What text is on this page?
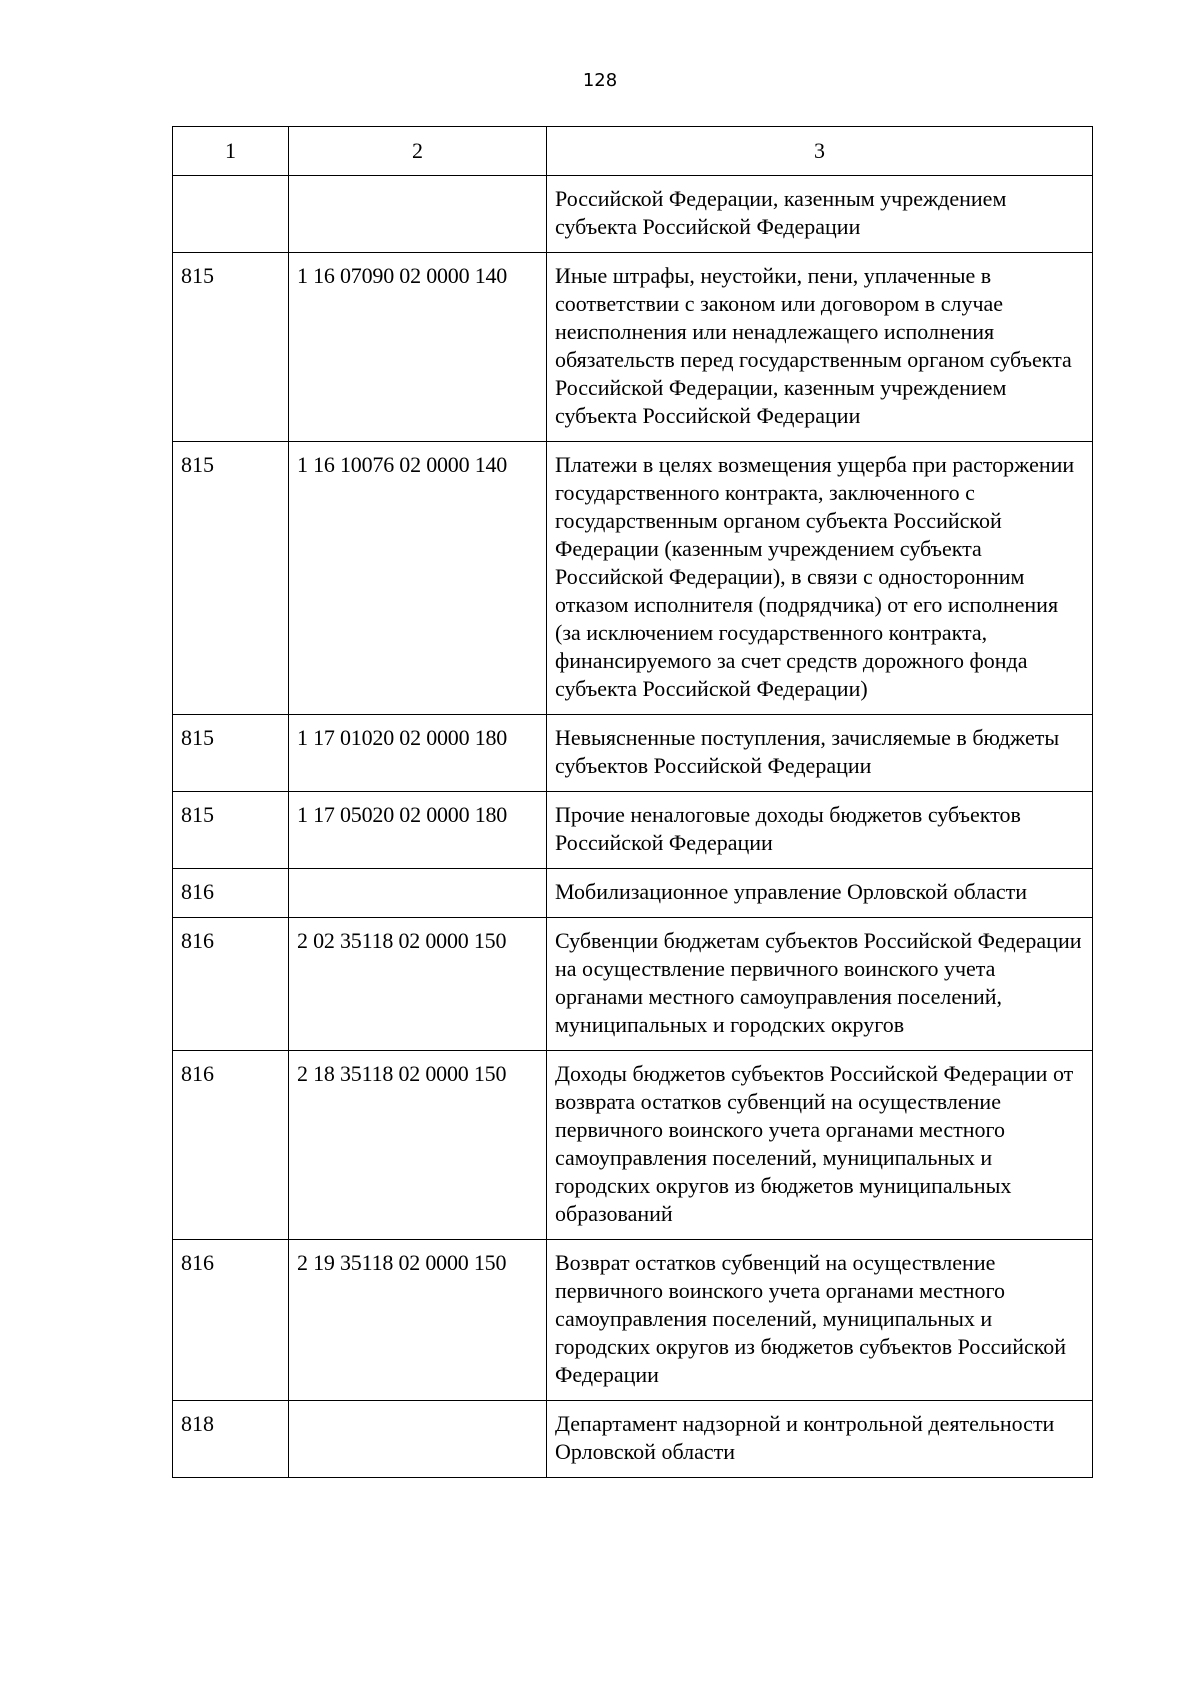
128
1	2	3
		Российской Федерации, казенным учреждением субъекта Российской Федерации
815	1 16 07090 02 0000 140	Иные штрафы, неустойки, пени, уплаченные в соответствии с законом или договором в случае неисполнения или ненадлежащего исполнения обязательств перед государственным органом субъекта Российской Федерации, казенным учреждением субъекта Российской Федерации
815	1 16 10076 02 0000 140	Платежи в целях возмещения ущерба при расторжении государственного контракта, заключенного с государственным органом субъекта Российской Федерации (казенным учреждением субъекта Российской Федерации), в связи с односторонним отказом исполнителя (подрядчика) от его исполнения (за исключением государственного контракта, финансируемого за счет средств дорожного фонда субъекта Российской Федерации)
815	1 17 01020 02 0000 180	Невыясненные поступления, зачисляемые в бюджеты субъектов Российской Федерации
815	1 17 05020 02 0000 180	Прочие неналоговые доходы бюджетов субъектов Российской Федерации
816		Мобилизационное управление Орловской области
816	2 02 35118 02 0000 150	Субвенции бюджетам субъектов Российской Федерации на осуществление первичного воинского учета органами местного самоуправления поселений, муниципальных и городских округов
816	2 18 35118 02 0000 150	Доходы бюджетов субъектов Российской Федерации от возврата остатков субвенций на осуществление первичного воинского учета органами местного самоуправления поселений, муниципальных и городских округов из бюджетов муниципальных образований
816	2 19 35118 02 0000 150	Возврат остатков субвенций на осуществление первичного воинского учета органами местного самоуправления поселений, муниципальных и городских округов из бюджетов субъектов Российской Федерации
818		Департамент надзорной и контрольной деятельности Орловской области
